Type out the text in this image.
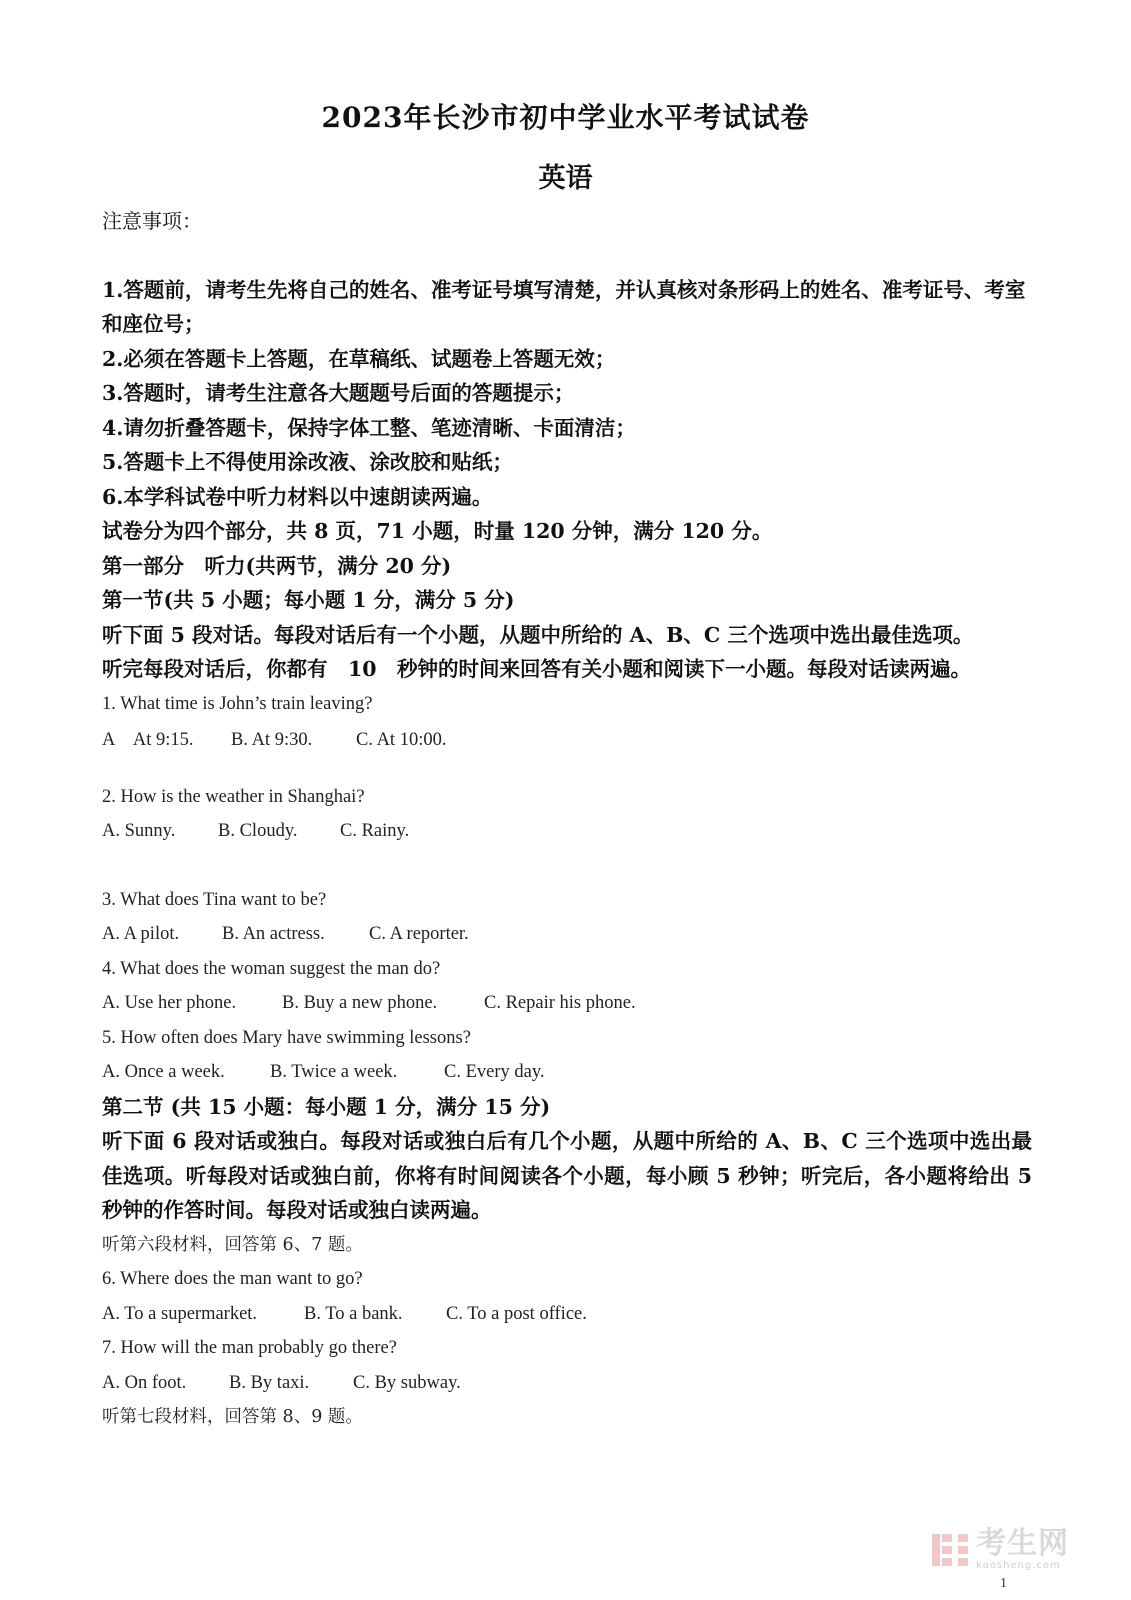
2023年长沙市初中学业水平考试试卷
英语

注意事项：

1.答题前，请考生先将自己的姓名、准考证号填写清楚，并认真核对条形码上的姓名、准考证号、考室和座位号；

2.必须在答题卡上答题，在草稿纸、试题卷上答题无效；

3.答题时，请考生注意各大题题号后面的答题提示；

4.请勿折叠答题卡，保持字体工整、笔迹清晰、卡面清洁；

5.答题卡上不得使用涂改液、涂改胶和贴纸；

6.本学科试卷中听力材料以中速朗读两遍。

试卷分为四个部分，共 8 页，71 小题，时量 120 分钟，满分 120 分。

第一部分　听力(共两节，满分 20 分)

第一节(共 5 小题；每小题 1 分，满分 5 分)

听下面 5 段对话。每段对话后有一个小题，从题中所给的 A、B、C 三个选项中选出最佳选项。

听完每段对话后，你都有　10　秒钟的时间来回答有关小题和阅读下一小题。每段对话读两遍。

1. What time is John’s train leaving?

A　At 9:15. B. At 9:30. C. At 10:00.

2. How is the weather in Shanghai?

A. Sunny. B. Cloudy. C. Rainy.

3. What does Tina want to be?

A. A pilot. B. An actress. C. A reporter.

4. What does the woman suggest the man do?

A. Use her phone. B. Buy a new phone.	C. Repair his phone.

5. How often does Mary have swimming lessons?

A. Once a week. B. Twice a week.	C. Every day.

第二节 (共 15 小题：每小题 1 分，满分 15 分)

听下面 6 段对话或独白。每段对话或独白后有几个小题，从题中所给的 A、B、C 三个选项中选出最佳选项。听每段对话或独白前，你将有时间阅读各个小题，每小顾 5 秒钟；听完后，各小题将给出 5 秒钟的作答时间。每段对话或独白读两遍。

听第六段材料，回答第 6、7 题。

6. Where does the man want to go?

A. To a supermarket.	B. To a bank. C. To a post office.

7. How will the man probably go there?

A. On foot. B. By taxi. C. By subway.

听第七段材料，回答第 8、9 题。

考生网
kaosheng.com
1
